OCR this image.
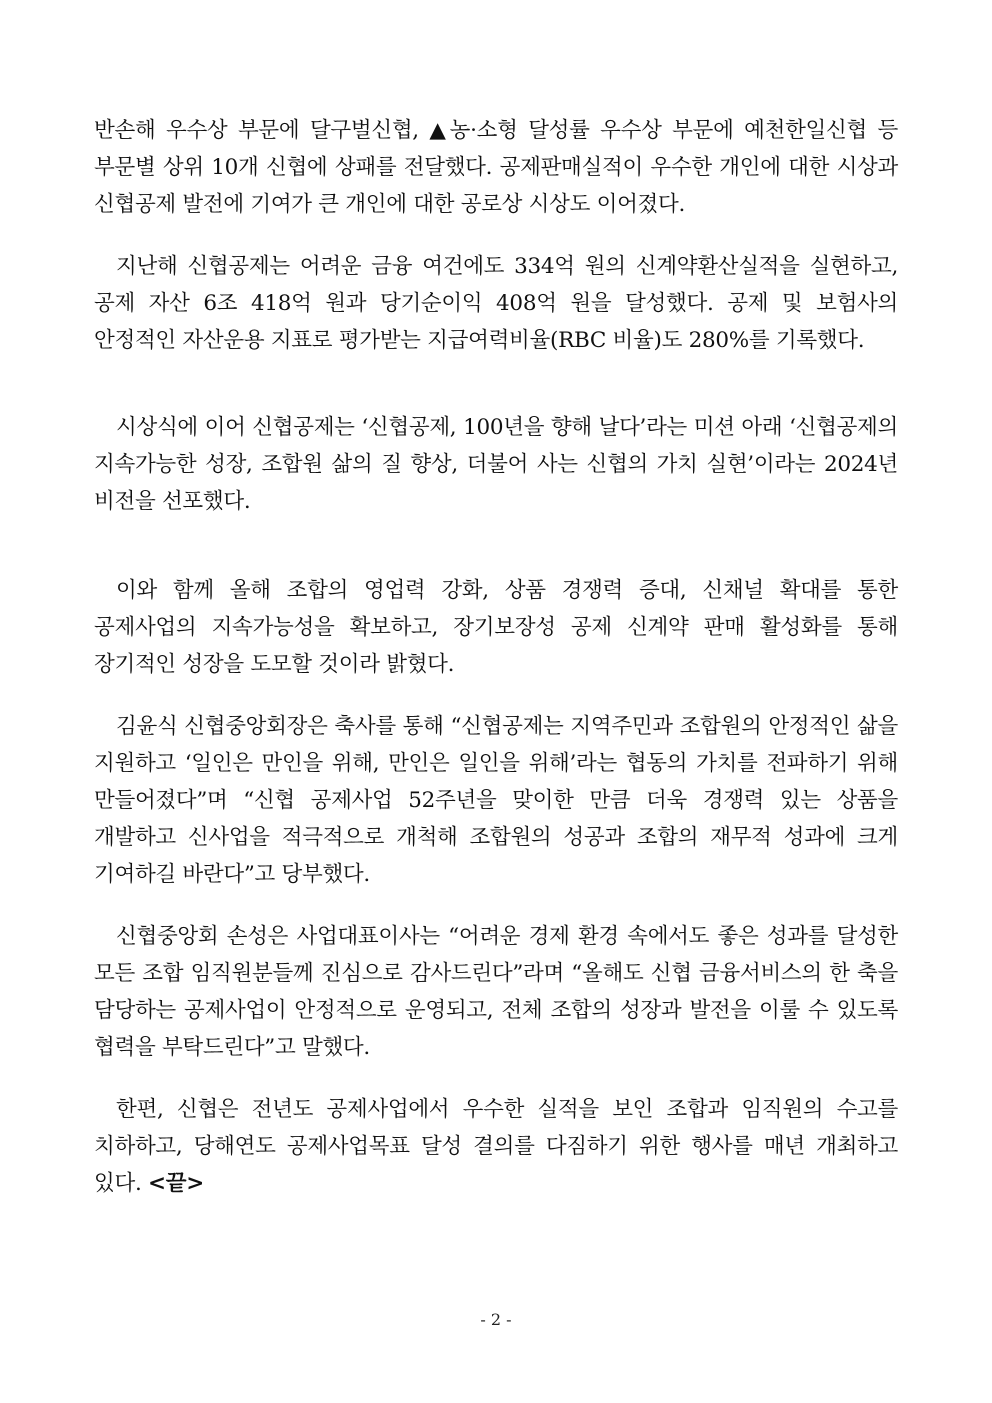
반손해 우수상 부문에 달구벌신협, ▲농·소형 달성률 우수상 부문에 예천한일신협 등 부문별 상위 10개 신협에 상패를 전달했다. 공제판매실적이 우수한 개인에 대한 시상과 신협공제 발전에 기여가 큰 개인에 대한 공로상 시상도 이어졌다.

지난해 신협공제는 어려운 금융 여건에도 334억 원의 신계약환산실적을 실현하고, 공제 자산 6조 418억 원과 당기순이익 408억 원을 달성했다. 공제 및 보험사의 안정적인 자산운용 지표로 평가받는 지급여력비율(RBC 비율)도 280%를 기록했다.

시상식에 이어 신협공제는 ‘신협공제, 100년을 향해 날다’라는 미션 아래 ‘신협공제의 지속가능한 성장, 조합원 삶의 질 향상, 더불어 사는 신협의 가치 실현’이라는 2024년 비전을 선포했다.

이와 함께 올해 조합의 영업력 강화, 상품 경쟁력 증대, 신채널 확대를 통한 공제사업의 지속가능성을 확보하고, 장기보장성 공제 신계약 판매 활성화를 통해 장기적인 성장을 도모할 것이라 밝혔다.

김윤식 신협중앙회장은 축사를 통해 “신협공제는 지역주민과 조합원의 안정적인 삶을 지원하고 ‘일인은 만인을 위해, 만인은 일인을 위해’라는 협동의 가치를 전파하기 위해 만들어졌다”며 “신협 공제사업 52주년을 맞이한 만큼 더욱 경쟁력 있는 상품을 개발하고 신사업을 적극적으로 개척해 조합원의 성공과 조합의 재무적 성과에 크게 기여하길 바란다”고 당부했다.

신협중앙회 손성은 사업대표이사는 “어려운 경제 환경 속에서도 좋은 성과를 달성한 모든 조합 임직원분들께 진심으로 감사드린다”라며 “올해도 신협 금융서비스의 한 축을 담당하는 공제사업이 안정적으로 운영되고, 전체 조합의 성장과 발전을 이룰 수 있도록 협력을 부탁드린다”고 말했다.

한편, 신협은 전년도 공제사업에서 우수한 실적을 보인 조합과 임직원의 수고를 치하하고, 당해연도 공제사업목표 달성 결의를 다짐하기 위한 행사를 매년 개최하고 있다. <끝>

- 2 -
